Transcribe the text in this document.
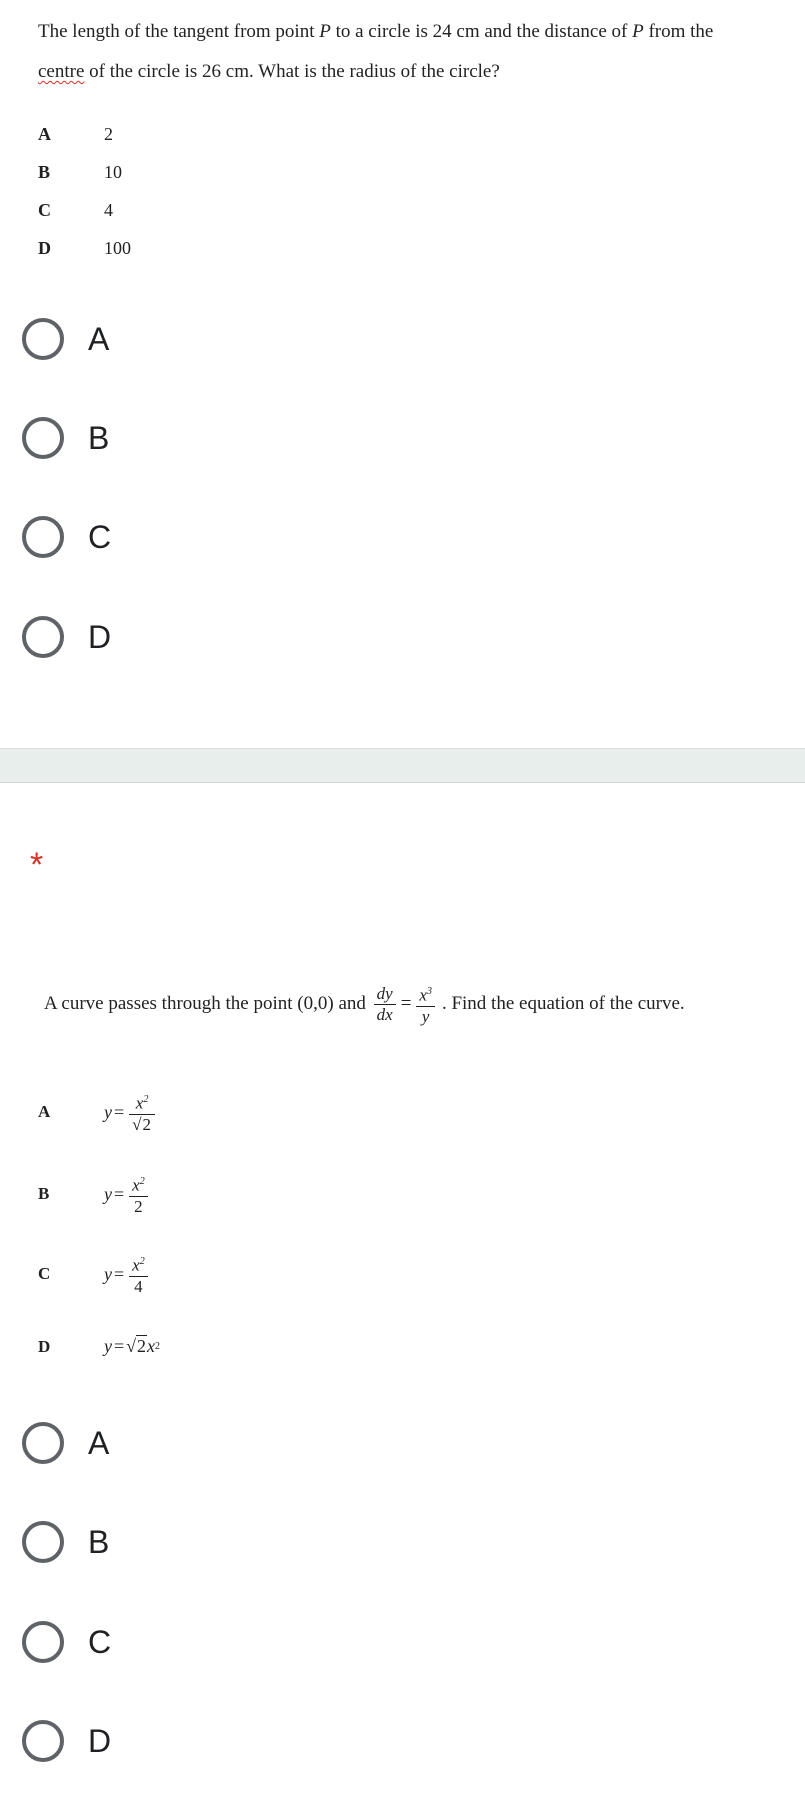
The length of the tangent from point P to a circle is 24 cm and the distance of P from the
centre of the circle is 26 cm. What is the radius of the circle?
A	2
B	10
C	4
D	100
A
B
C
D
*
A curve passes through the point (0,0) and $\frac{dy}{dx} = \frac{x^3}{y}$ . Find the equation of the curve.
A	$y = \frac{x^2}{√2}$
B	$y = \frac{x^2}{2}$
C	$y = \frac{x^2}{4}$
D	y = √ 2 x 2
A
B
C
D
